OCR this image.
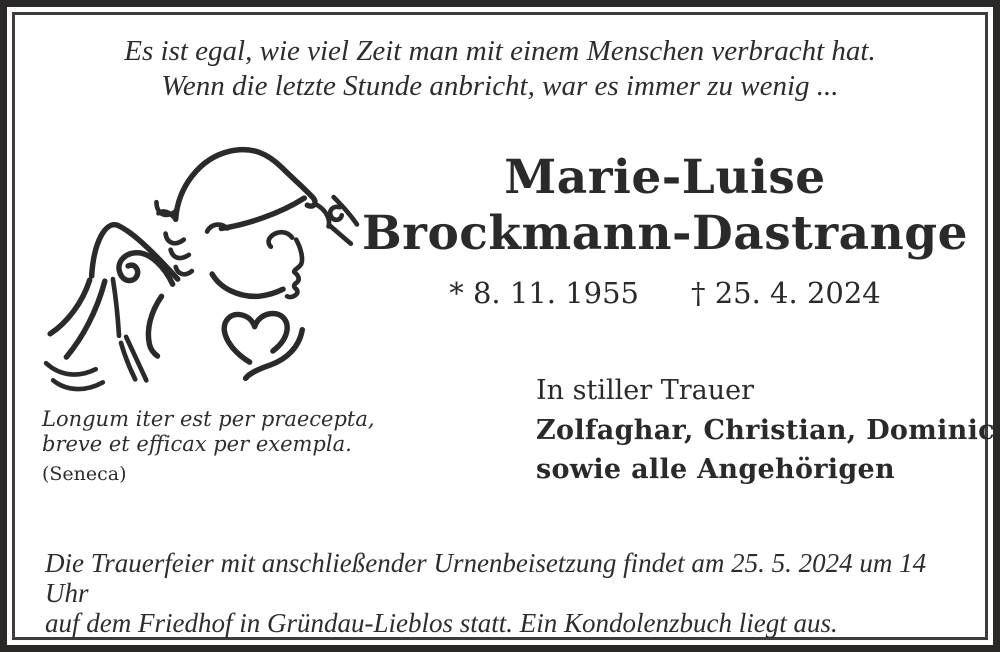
Es ist egal, wie viel Zeit man mit einem Menschen verbracht hat.
Wenn die letzte Stunde anbricht, war es immer zu wenig ...
Marie-Luise
Brockmann-Dastrange
* 8. 11. 1955 † 25. 4. 2024

In stiller Trauer

Zolfaghar, Christian, Dominic

sowie alle Angehörigen

Longum iter est per praecepta,

breve et efficax per exempla.

(Seneca)

Die Trauerfeier mit anschließender Urnenbeisetzung findet am 25. 5. 2024 um 14 Uhr

auf dem Friedhof in Gründau-Lieblos statt. Ein Kondolenzbuch liegt aus.
